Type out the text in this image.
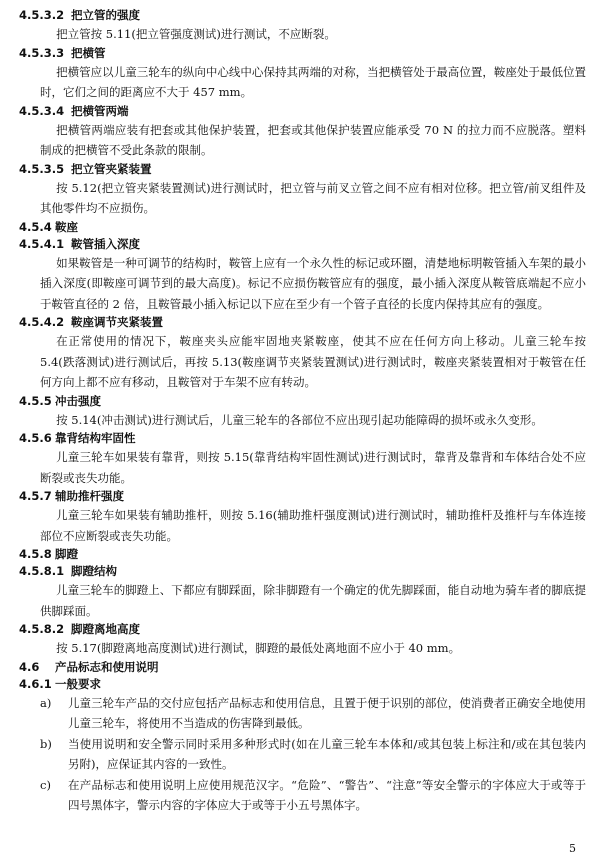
4.5.3.2 把立管的强度
把立管按 5.11(把立管强度测试)进行测试，不应断裂。
4.5.3.3 把横管
把横管应以儿童三轮车的纵向中心线中心保持其两端的对称，当把横管处于最高位置，鞍座处于最低位置时，它们之间的距离应不大于 457 mm。
4.5.3.4 把横管两端
把横管两端应装有把套或其他保护装置，把套或其他保护装置应能承受 70 N 的拉力而不应脱落。塑料制成的把横管不受此条款的限制。
4.5.3.5 把立管夹紧装置
按 5.12(把立管夹紧装置测试)进行测试时，把立管与前叉立管之间不应有相对位移。把立管/前叉组件及其他零件均不应损伤。
4.5.4 鞍座
4.5.4.1 鞍管插入深度
如果鞍管是一种可调节的结构时，鞍管上应有一个永久性的标记或环圈，清楚地标明鞍管插入车架的最小插入深度(即鞍座可调节到的最大高度)。标记不应损伤鞍管应有的强度，最小插入深度从鞍管底端起不应小于鞍管直径的 2 倍，且鞍管最小插入标记以下应在至少有一个管子直径的长度内保持其应有的强度。
4.5.4.2 鞍座调节夹紧装置
在正常使用的情况下，鞍座夹头应能牢固地夹紧鞍座，使其不应在任何方向上移动。儿童三轮车按 5.4(跌落测试)进行测试后，再按 5.13(鞍座调节夹紧装置测试)进行测试时，鞍座夹紧装置相对于鞍管在任何方向上都不应有移动，且鞍管对于车架不应有转动。
4.5.5 冲击强度
按 5.14(冲击测试)进行测试后，儿童三轮车的各部位不应出现引起功能障碍的损坏或永久变形。
4.5.6 靠背结构牢固性
儿童三轮车如果装有靠背，则按 5.15(靠背结构牢固性测试)进行测试时，靠背及靠背和车体结合处不应断裂或丧失功能。
4.5.7 辅助推杆强度
儿童三轮车如果装有辅助推杆，则按 5.16(辅助推杆强度测试)进行测试时，辅助推杆及推杆与车体连接部位不应断裂或丧失功能。
4.5.8 脚蹬
4.5.8.1 脚蹬结构
儿童三轮车的脚蹬上、下都应有脚踩面，除非脚蹬有一个确定的优先脚踩面，能自动地为骑车者的脚底提供脚踩面。
4.5.8.2 脚蹬离地高度
按 5.17(脚蹬离地高度测试)进行测试，脚蹬的最低处离地面不应小于 40 mm。
4.6 产品标志和使用说明
4.6.1 一般要求
a) 儿童三轮车产品的交付应包括产品标志和使用信息，且置于便于识别的部位，使消费者正确安全地使用儿童三轮车，将使用不当造成的伤害降到最低。
b) 当使用说明和安全警示同时采用多种形式时(如在儿童三轮车本体和/或其包装上标注和/或在其包装内另附)，应保证其内容的一致性。
c) 在产品标志和使用说明上应使用规范汉字。“危险”、“警告”、“注意”等安全警示的字体应大于或等于四号黑体字，警示内容的字体应大于或等于小五号黑体字。
5
